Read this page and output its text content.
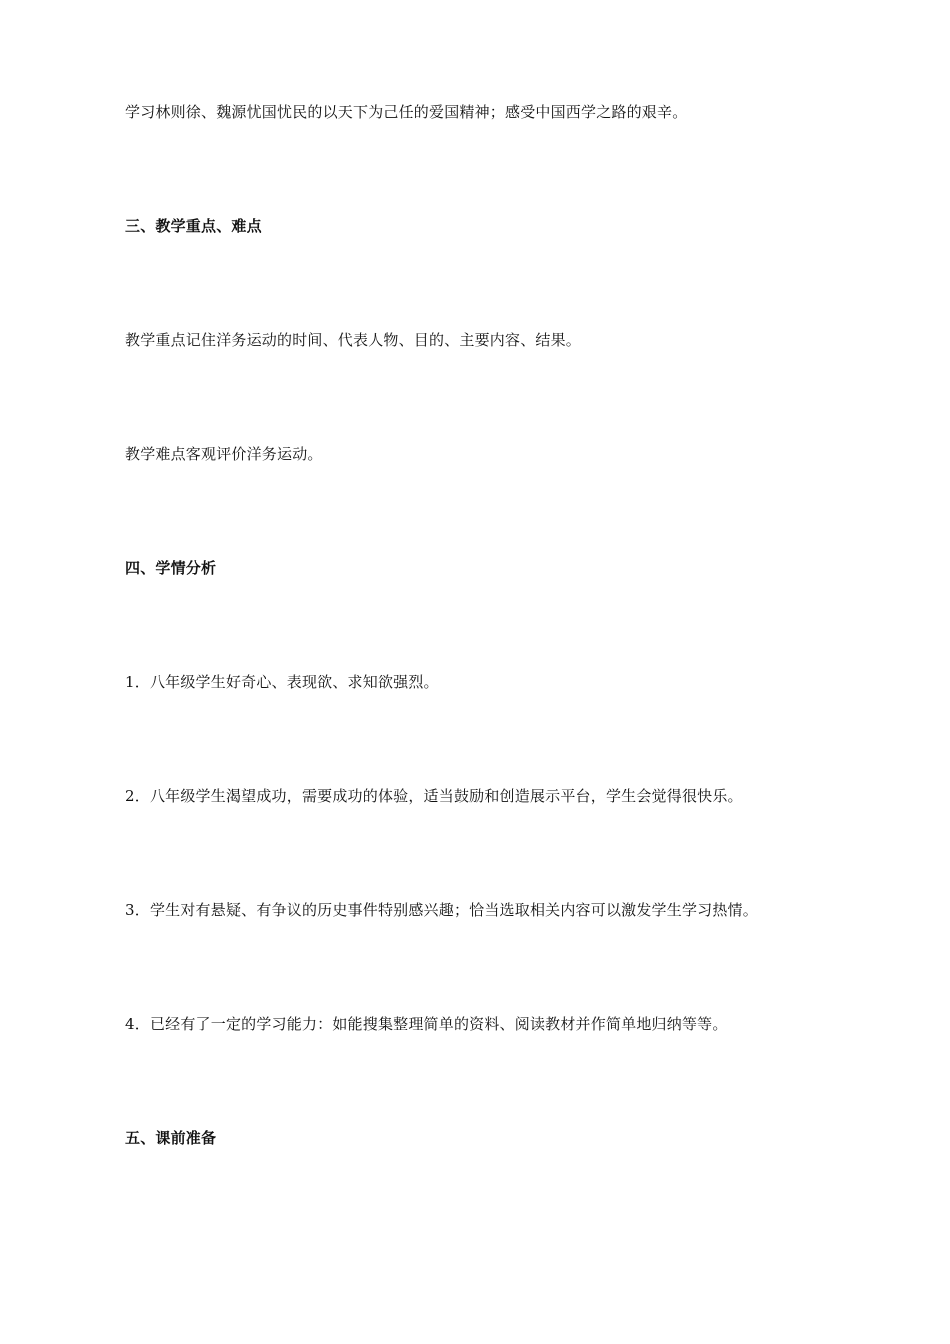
学习林则徐、魏源忧国忧民的以天下为己任的爱国精神；感受中国西学之路的艰辛。
三、教学重点、难点
教学重点记住洋务运动的时间、代表人物、目的、主要内容、结果。
教学难点客观评价洋务运动。
四、学情分析
1．八年级学生好奇心、表现欲、求知欲强烈。
2．八年级学生渴望成功，需要成功的体验，适当鼓励和创造展示平台，学生会觉得很快乐。
3．学生对有悬疑、有争议的历史事件特别感兴趣；恰当选取相关内容可以激发学生学习热情。
4．已经有了一定的学习能力：如能搜集整理简单的资料、阅读教材并作简单地归纳等等。
五、课前准备
